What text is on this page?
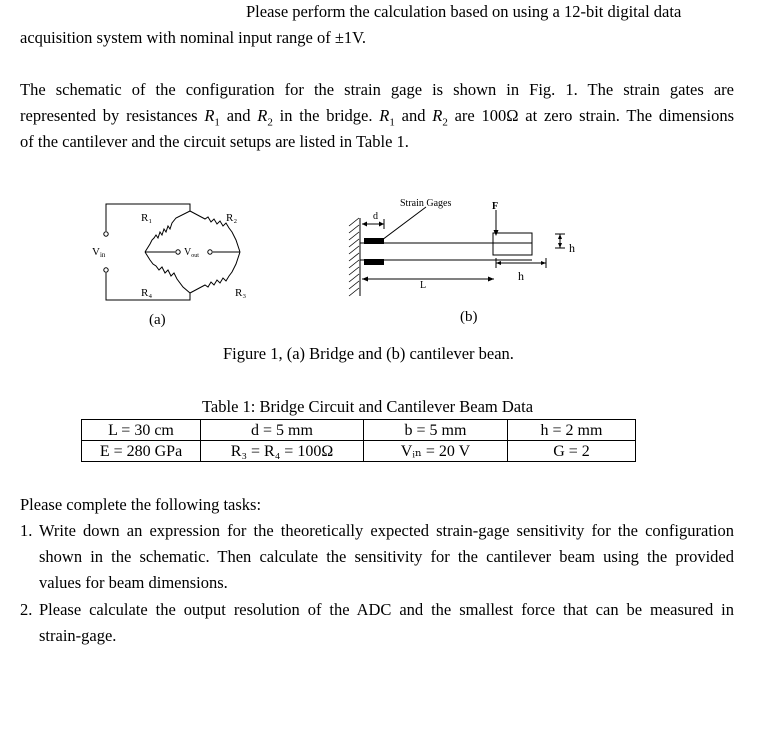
Please perform the calculation based on using a 12-bit digital data
acquisition system with nominal input range of ±1V.
The schematic of the configuration for the strain gage is shown in Fig. 1. The strain gates are
represented by resistances $R_1$ and $R_2$ in the bridge. $R_1$ and $R_2$ are 100Ω at zero strain. The dimensions
of the cantilever and the circuit setups are listed in Table 1.
R₁	R₂
R₄	R₃
Vin	$V_{out}$
(a)
Strain Gages	F
d
L
h
h
(b)
Figure 1, (a) Bridge and (b) cantilever bean.
Table 1: Bridge Circuit and Cantilever Beam Data
L = 30 cm	d = 5 mm	b = 5 mm	h = 2 mm
E = 280 GPa	R₃ = R₄ = 100Ω	Vᵢₙ = 20 V	G = 2
Please complete the following tasks:
1. Write down an expression for the theoretically expected strain-gage sensitivity for the configuration
shown in the schematic. Then calculate the sensitivity for the cantilever beam using the provided
values for beam dimensions.
2. Please calculate the output resolution of the ADC and the smallest force that can be measured in
strain-gage.
